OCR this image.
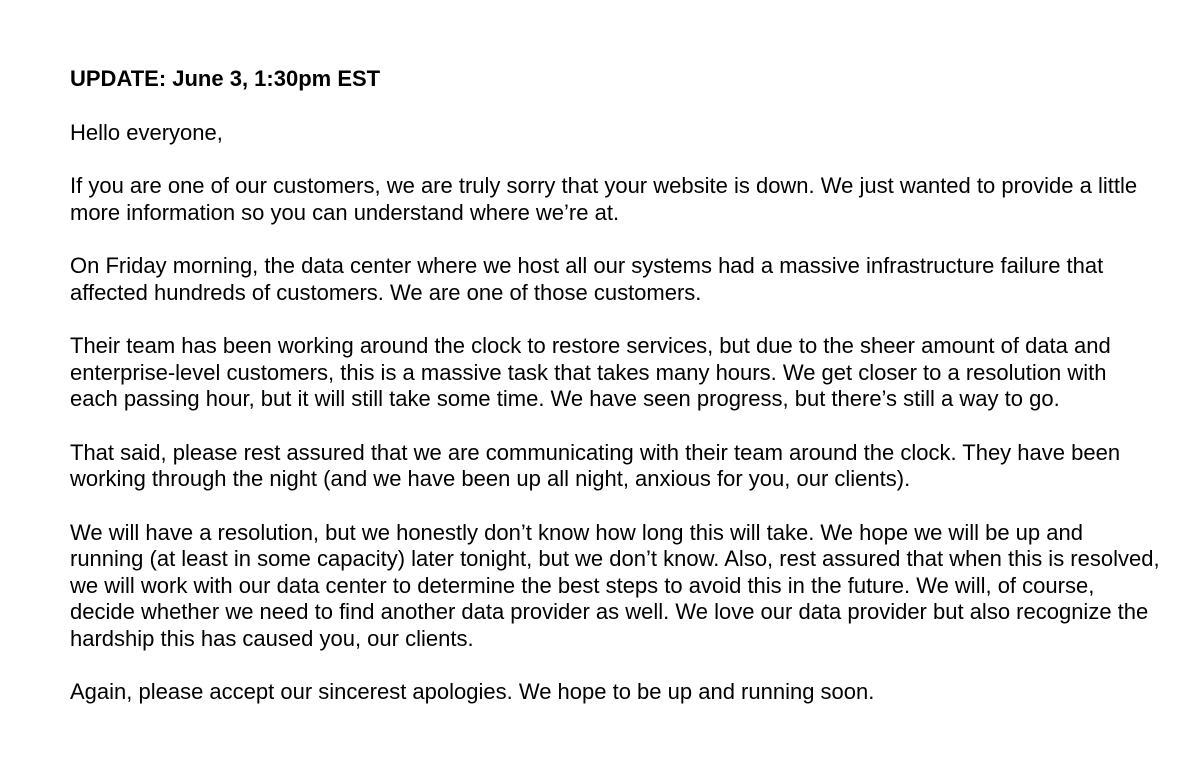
UPDATE: June 3, 1:30pm EST

Hello everyone,

If you are one of our customers, we are truly sorry that your website is down. We just wanted to provide a little more information so you can understand where we’re at.

On Friday morning, the data center where we host all our systems had a massive infrastructure failure that affected hundreds of customers. We are one of those customers.

Their team has been working around the clock to restore services, but due to the sheer amount of data and enterprise-level customers, this is a massive task that takes many hours. We get closer to a resolution with each passing hour, but it will still take some time. We have seen progress, but there’s still a way to go.

That said, please rest assured that we are communicating with their team around the clock. They have been working through the night (and we have been up all night, anxious for you, our clients).

We will have a resolution, but we honestly don’t know how long this will take. We hope we will be up and running (at least in some capacity) later tonight, but we don’t know. Also, rest assured that when this is resolved, we will work with our data center to determine the best steps to avoid this in the future. We will, of course, decide whether we need to find another data provider as well. We love our data provider but also recognize the hardship this has caused you, our clients.

Again, please accept our sincerest apologies. We hope to be up and running soon.
